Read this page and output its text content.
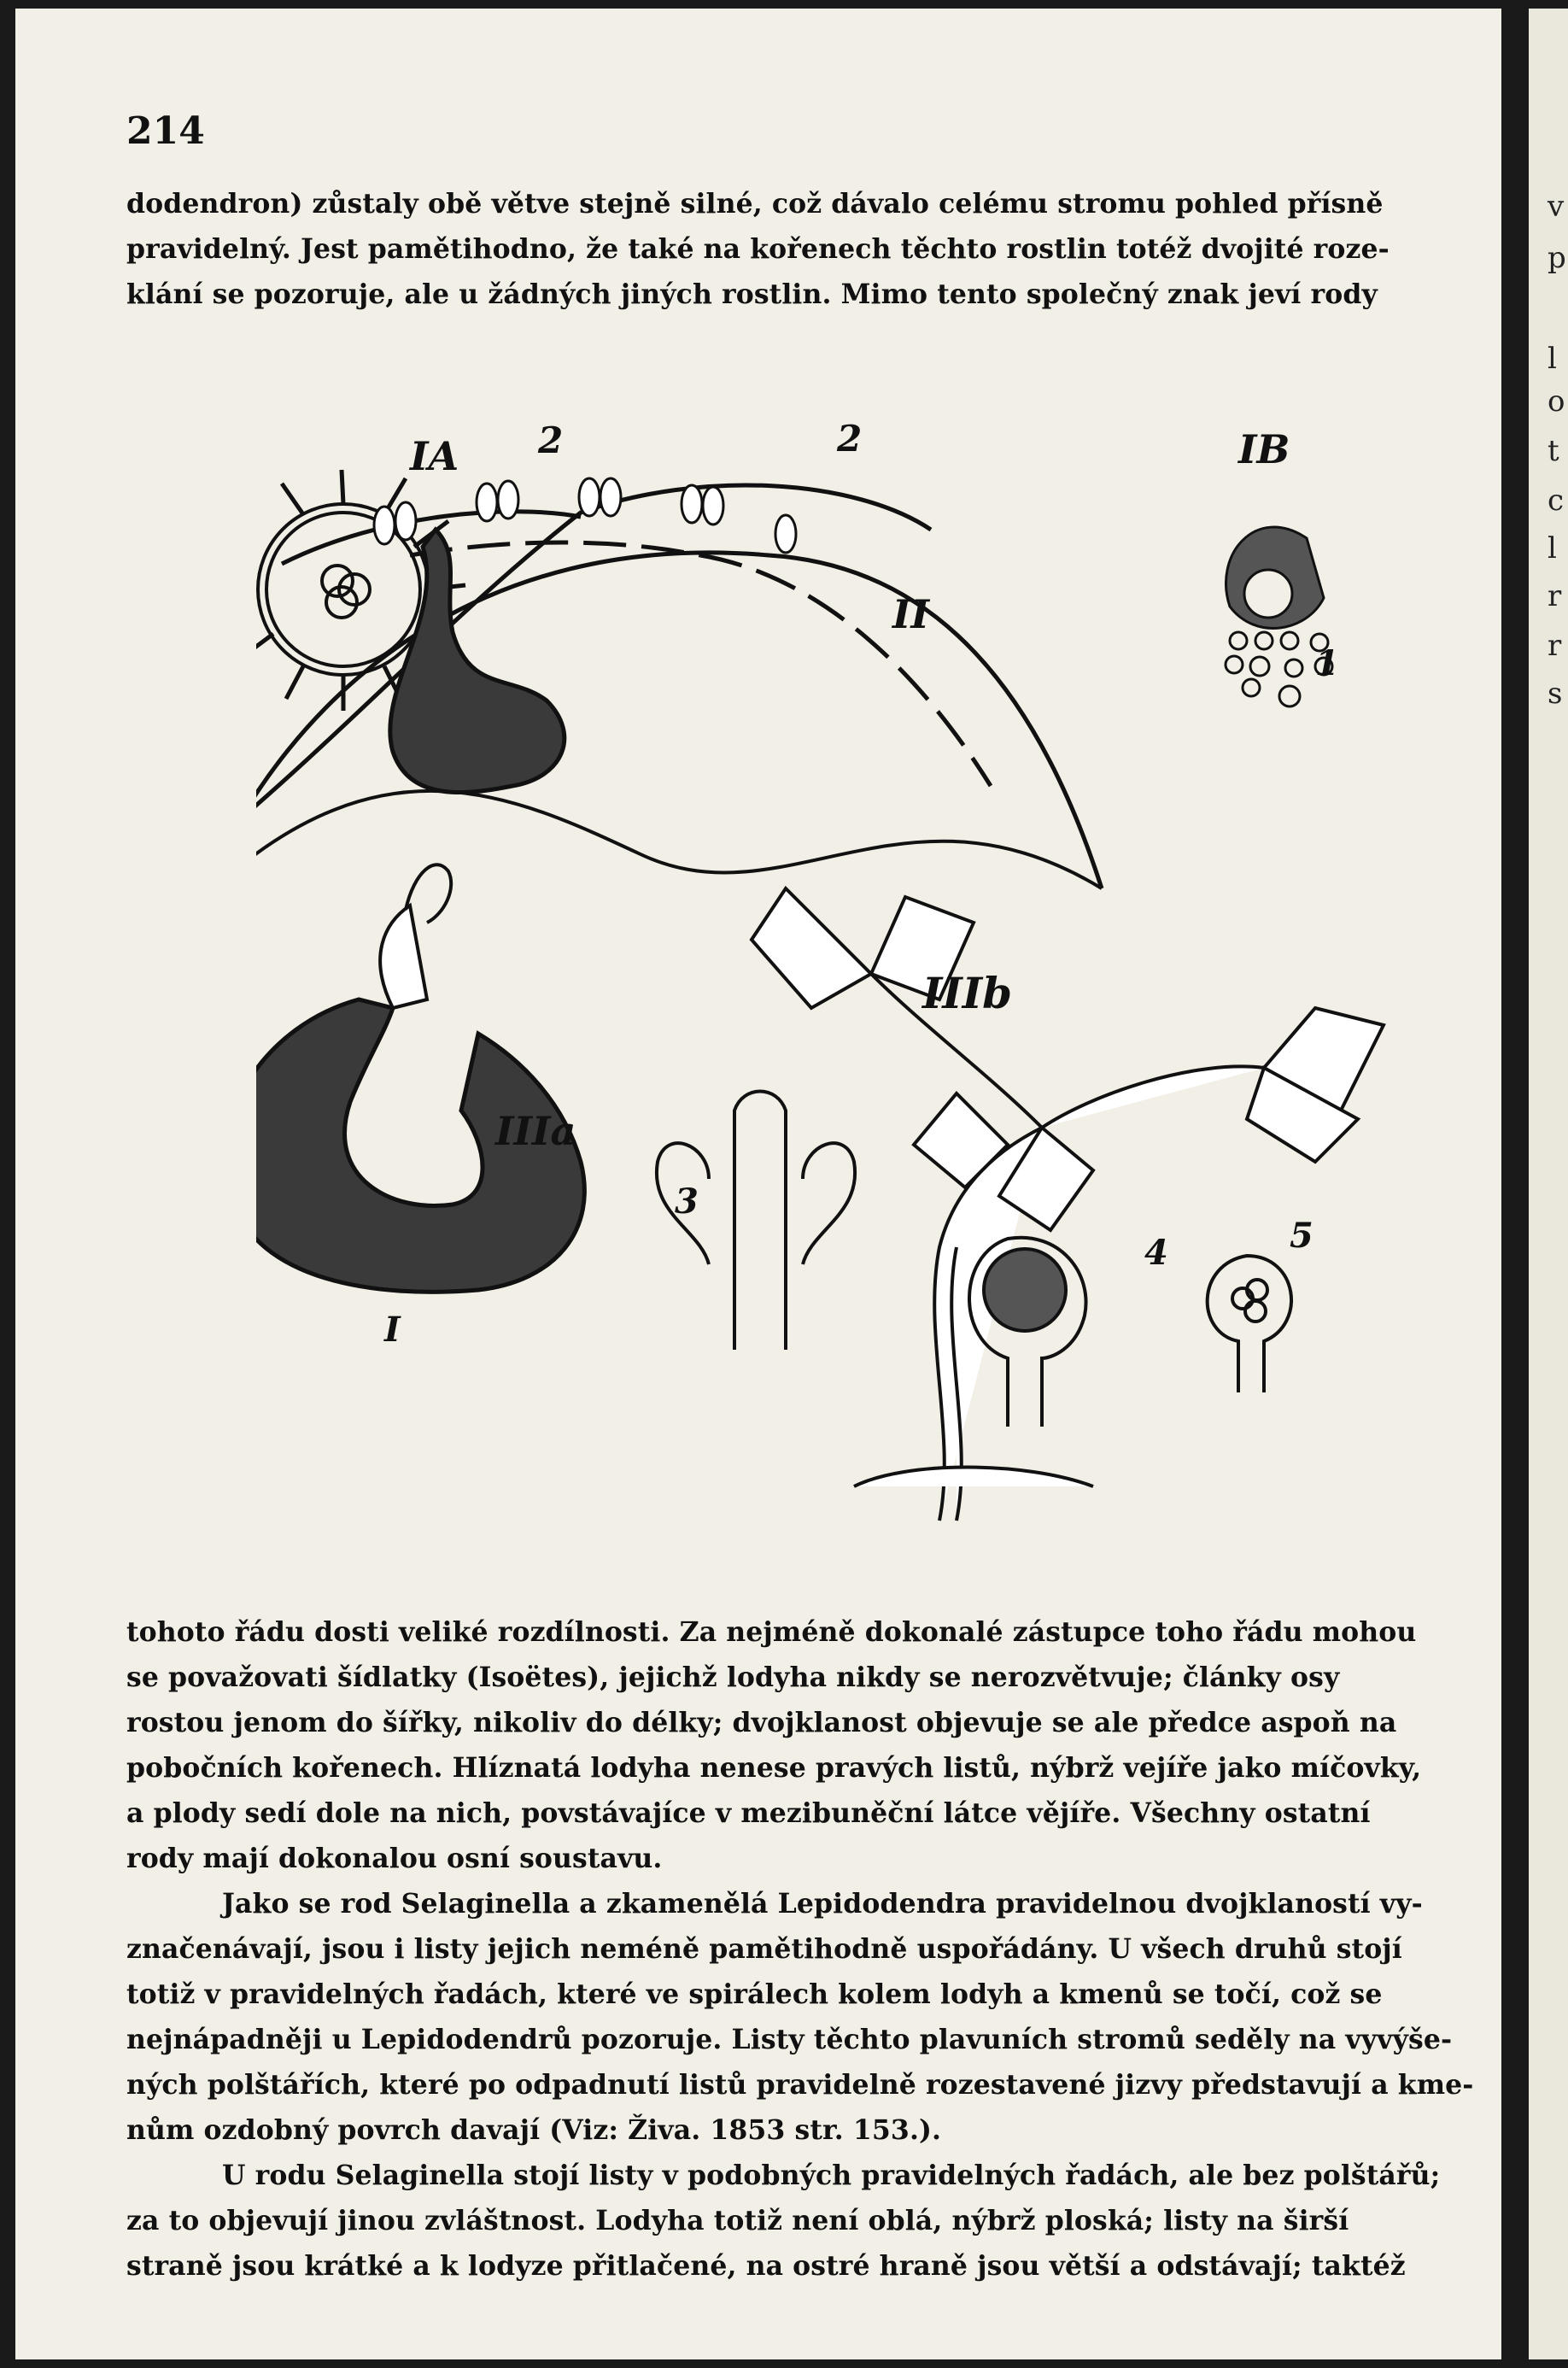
v
p
l
o
t
c
l
r
r
s
214

dodendron) zůstaly obě větve stejně silné, což dávalo celému stromu pohled přísně
pravidelný. Jest pamětihodno, že také na kořenech těchto rostlin totéž dvojité roze-
klání se pozoruje, ale u žádných jiných rostlin. Mimo tento společný znak jeví rody

IA	IB
II
2	2
1
IIIa
IIIb
3
4	5
I

tohoto řádu dosti veliké rozdílnosti. Za nejméně dokonalé zástupce toho řádu mohou
se považovati šídlatky (Isoëtes), jejichž lodyha nikdy se nerozvětvuje; články osy
rostou jenom do šířky, nikoliv do délky; dvojklanost objevuje se ale předce aspoň na
pobočních kořenech. Hlíznatá lodyha nenese pravých listů, nýbrž vejíře jako míčovky,
a plody sedí dole na nich, povstávajíce v mezibuněční látce vějíře. Všechny ostatní
rody mají dokonalou osní soustavu.

Jako se rod Selaginella a zkamenělá Lepidodendra pravidelnou dvojklaností vy-
značenávají, jsou i listy jejich neméně pamětihodně uspořádány. U všech druhů stojí
totiž v pravidelných řadách, které ve spirálech kolem lodyh a kmenů se točí, což se
nejnápadněji u Lepidodendrů pozoruje. Listy těchto plavuních stromů seděly na vyvýše-
ných polštářích, které po odpadnutí listů pravidelně rozestavené jizvy představují a kme-
nům ozdobný povrch davají (Viz: Živa. 1853 str. 153.).

U rodu Selaginella stojí listy v podobných pravidelných řadách, ale bez polštářů;
za to objevují jinou zvláštnost. Lodyha totiž není oblá, nýbrž ploská; listy na širší
straně jsou krátké a k lodyze přitlačené, na ostré hraně jsou větší a odstávají; taktéž
